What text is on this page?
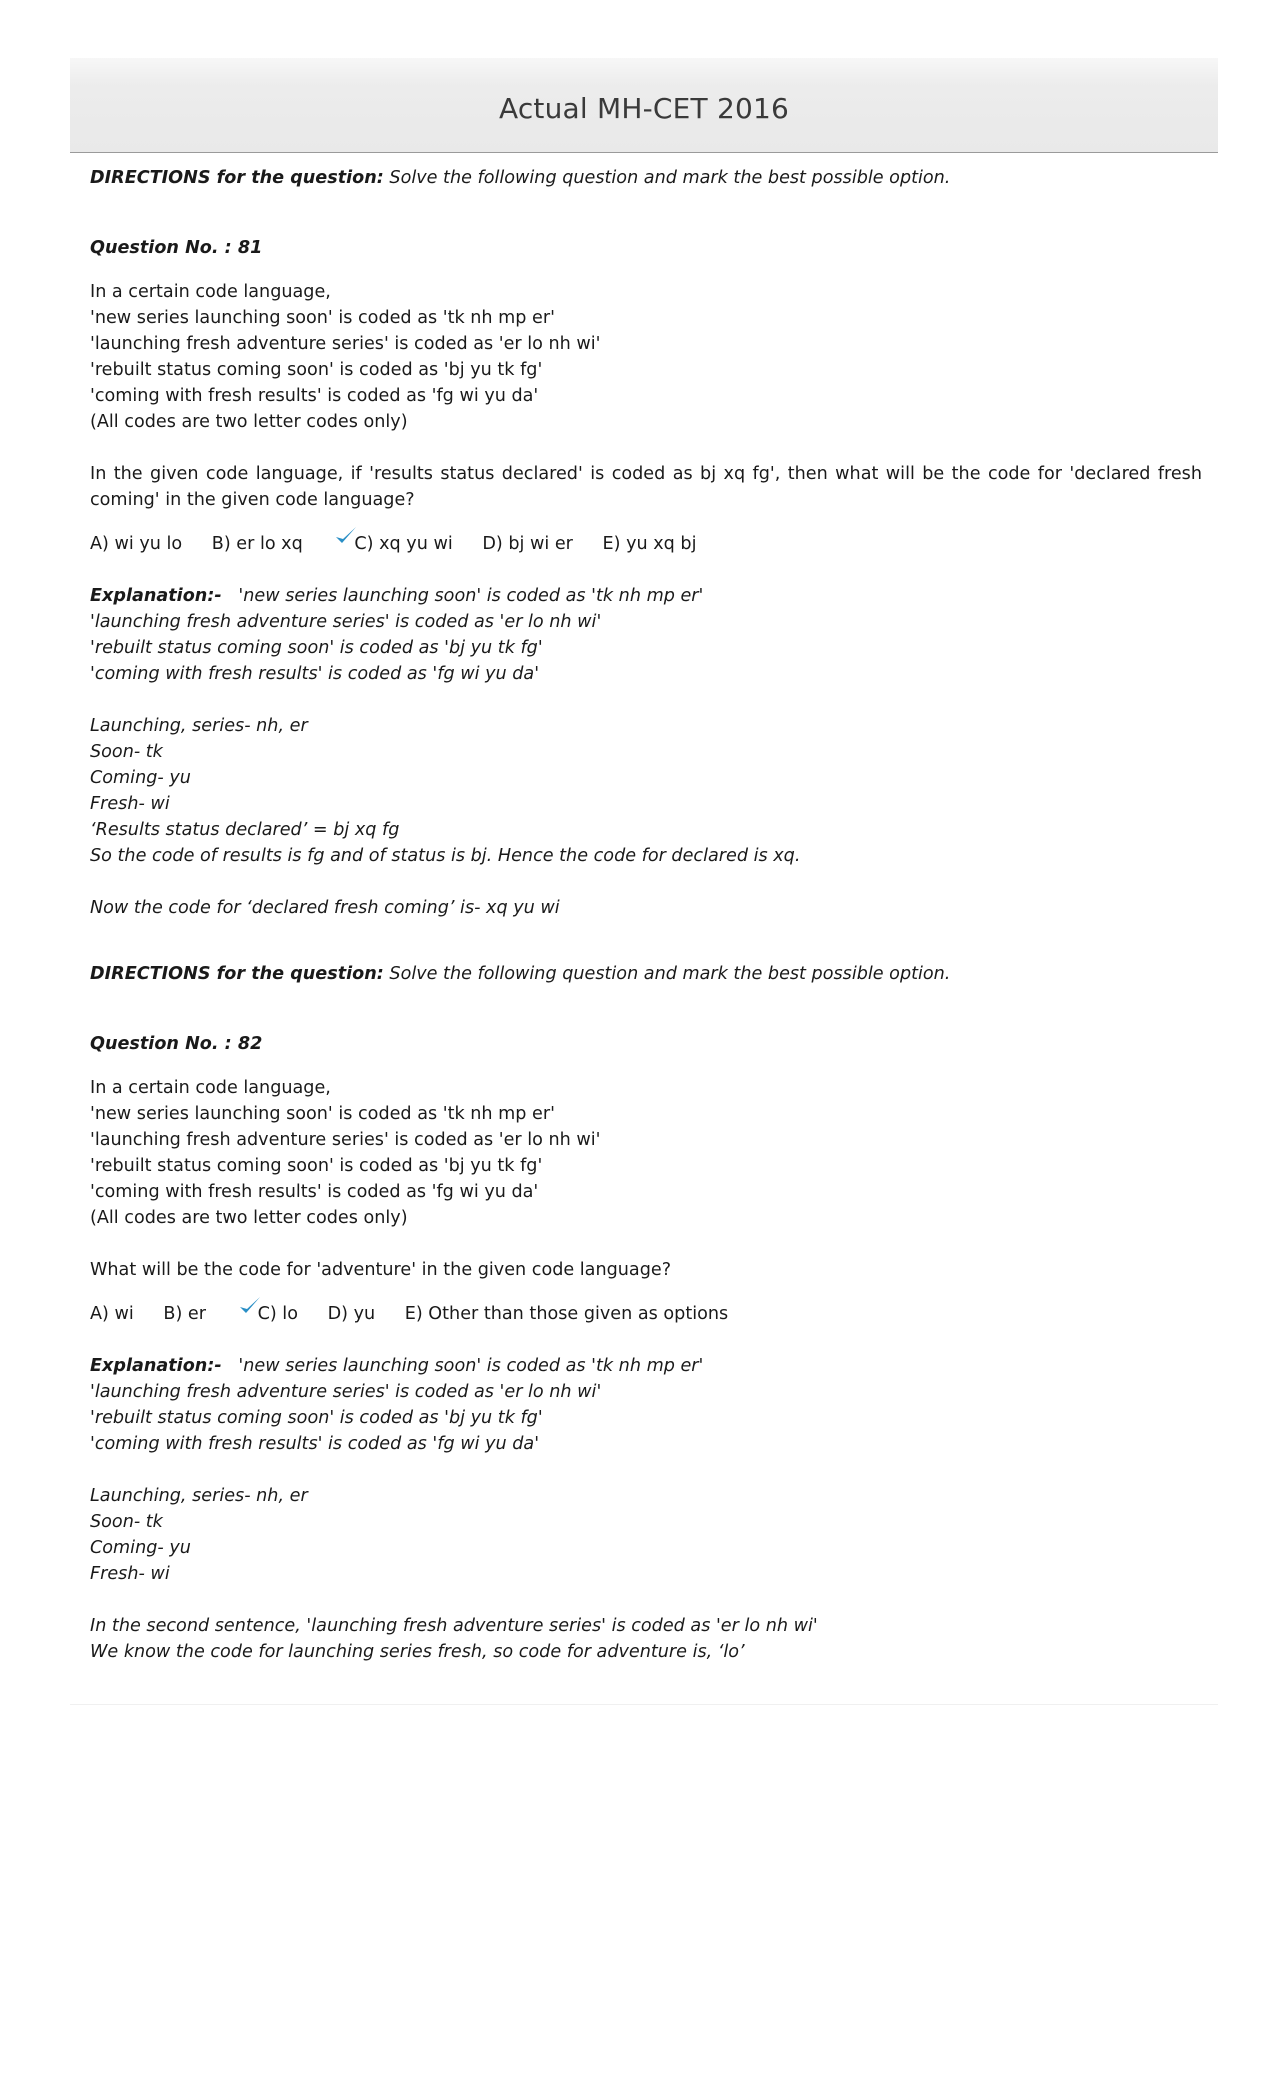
Actual MH-CET 2016
DIRECTIONS for the question: Solve the following question and mark the best possible option.
Question No. : 81
In a certain code language,
'new series launching soon' is coded as 'tk nh mp er'
'launching fresh adventure series' is coded as 'er lo nh wi'
'rebuilt status coming soon' is coded as 'bj yu tk fg'
'coming with fresh results' is coded as 'fg wi yu da'
(All codes are two letter codes only)
In the given code language, if 'results status declared' is coded as bj xq fg', then what will be the code for 'declared fresh coming' in the given code language?
A) wi yu lo B) er lo xq	C) xq yu wi D) bj wi er E) yu xq bj
Explanation:-   'new series launching soon' is coded as 'tk nh mp er'
'launching fresh adventure series' is coded as 'er lo nh wi'
'rebuilt status coming soon' is coded as 'bj yu tk fg'
'coming with fresh results' is coded as 'fg wi yu da'
Launching, series- nh, er
Soon- tk
Coming- yu
Fresh- wi
‘Results status declared’ = bj xq fg
So the code of results is fg and of status is bj. Hence the code for declared is xq.
Now the code for ‘declared fresh coming’ is- xq yu wi
DIRECTIONS for the question: Solve the following question and mark the best possible option.
Question No. : 82
In a certain code language,
'new series launching soon' is coded as 'tk nh mp er'
'launching fresh adventure series' is coded as 'er lo nh wi'
'rebuilt status coming soon' is coded as 'bj yu tk fg'
'coming with fresh results' is coded as 'fg wi yu da'
(All codes are two letter codes only)
What will be the code for 'adventure' in the given code language?
A) wi B) er	C) lo D) yu E) Other than those given as options
Explanation:-   'new series launching soon' is coded as 'tk nh mp er'
'launching fresh adventure series' is coded as 'er lo nh wi'
'rebuilt status coming soon' is coded as 'bj yu tk fg'
'coming with fresh results' is coded as 'fg wi yu da'
Launching, series- nh, er
Soon- tk
Coming- yu
Fresh- wi
In the second sentence, 'launching fresh adventure series' is coded as 'er lo nh wi'
We know the code for launching series fresh, so code for adventure is, ‘lo’
